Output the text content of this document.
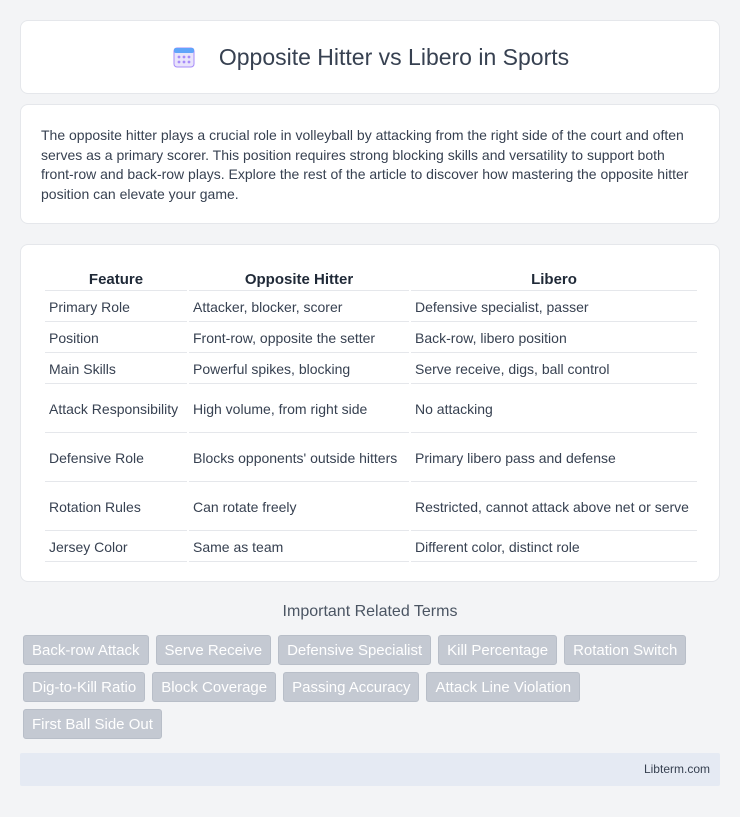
Opposite Hitter vs Libero in Sports

The opposite hitter plays a crucial role in volleyball by attacking from the right side of the court and often serves as a primary scorer. This position requires strong blocking skills and versatility to support both front-row and back-row plays. Explore the rest of the article to discover how mastering the opposite hitter position can elevate your game.

Feature	Opposite Hitter	Libero
Primary Role	Attacker, blocker, scorer	Defensive specialist, passer
Position	Front-row, opposite the setter	Back-row, libero position
Main Skills	Powerful spikes, blocking	Serve receive, digs, ball control
Attack Responsibility	High volume, from right side	No attacking
Defensive Role	Blocks opponents' outside hitters	Primary libero pass and defense
Rotation Rules	Can rotate freely	Restricted, cannot attack above net or serve
Jersey Color	Same as team	Different color, distinct role
Important Related Terms
Back-row Attack	Serve Receive	Defensive Specialist	Kill Percentage	Rotation Switch
Dig-to-Kill Ratio	Block Coverage	Passing Accuracy	Attack Line Violation
First Ball Side Out
Libterm.com
